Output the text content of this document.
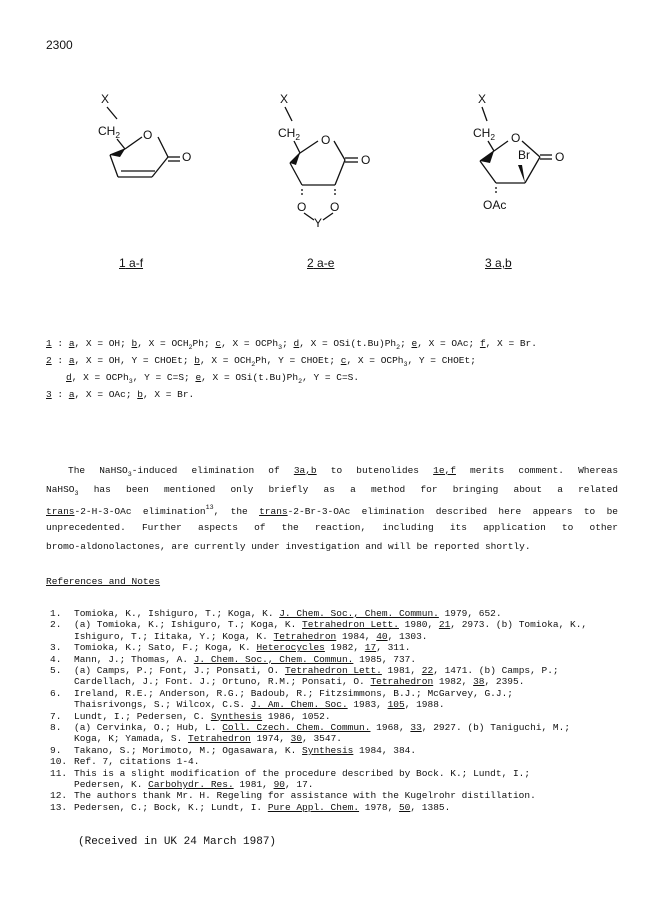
2300
X
$CH_2$ O
O
X
$CH_2$ O
O
O O
Y
X
$CH_2$ O
Br O
OAc
1 a-f	2 a-e	3 a,b
1 : a, X = OH; b, $X = OCH_2Ph$; c, X = OCPh$_3$; d, $X = OSi(t.Bu)Ph_2$; e, X = OAc; f, X = Br.
2 : a, X = OH, Y = CHOEt; b, $X = OCH_2Ph$, Y = CHOEt; c, X = OCPh$_3$, Y = CHOEt;
d, X = OCPh$_3$, Y = C=S; e, $X = OSi(t.Bu)Ph_2$, Y = C=S.
3 : a, X = OAc; b, X = Br.
The NaHSO$_3$-induced elimination of 3a,b to butenolides 1e,f merits comment. Whereas
NaHSO$_3$ has been mentioned only briefly as a method for bringing about a related
trans-2-H-3-OAc elimination$^{13}$, the trans-2-Br-3-OAc elimination described here appears to be
unprecedented. Further aspects of the reaction, including its application to other
bromo-aldonolactones, are currently under investigation and will be reported shortly.
References and Notes
1. Tomioka, K., Ishiguro, T.; Koga, K. J. Chem. Soc., Chem. Commun. 1979, 652.
2. (a) Tomioka, K.; Ishiguro, T.; Koga, K. Tetrahedron Lett. 1980, 21, 2973. (b) Tomioka, K.,
Ishiguro, T.; Iitaka, Y.; Koga, K. Tetrahedron 1984, 40, 1303.
3. Tomioka, K.; Sato, F.; Koga, K. Heterocycles 1982, 17, 311.
4. Mann, J.; Thomas, A. J. Chem. Soc., Chem. Commun. 1985, 737.
5. (a) Camps, P.; Font, J.; Ponsati, O. Tetrahedron Lett. 1981, 22, 1471. (b) Camps, P.;
Cardellach, J.; Font. J.; Ortuno, R.M.; Ponsati, O. Tetrahedron 1982, 38, 2395.
6. Ireland, R.E.; Anderson, R.G.; Badoub, R.; Fitzsimmons, B.J.; McGarvey, G.J.;
Thaisrivongs, S.; Wilcox, C.S. J. Am. Chem. Soc. 1983, 105, 1988.
7. Lundt, I.; Pedersen, C. Synthesis 1986, 1052.
8. (a) Cervinka, O.; Hub, L. Coll. Czech. Chem. Commun. 1968, 33, 2927. (b) Taniguchi, M.;
Koga, K; Yamada, S. Tetrahedron 1974, 30, 3547.
9. Takano, S.; Morimoto, M.; Ogasawara, K. Synthesis 1984, 384.
10. Ref. 7, citations 1-4.
11. This is a slight modification of the procedure described by Bock. K.; Lundt, I.;
Pedersen, K. Carbohydr. Res. 1981, 90, 17.
12. The authors thank Mr. H. Regeling for assistance with the Kugelrohr distillation.
13. Pedersen, C.; Bock, K.; Lundt, I. Pure Appl. Chem. 1978, 50, 1385.
(Received in UK 24 March 1987)
